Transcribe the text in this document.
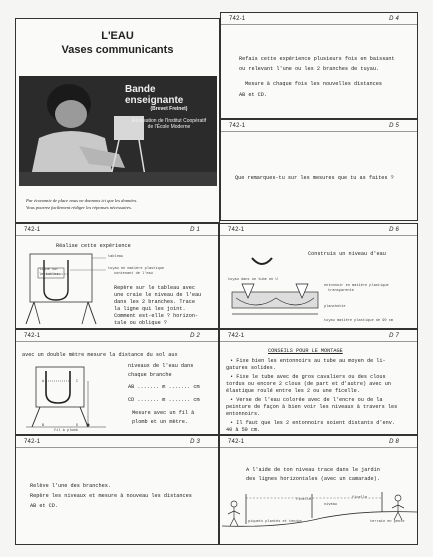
L'EAU
Vases communicants
Bande enseignante
(Brevet Freinet)
Réalisation de l'Institut Coopératif
de l'École Moderne
Par économie de place nous ne donnons ici que les données.
Vous pourrez facilement rédiger les réponses nécessaires.
742-1	D 4
Refais cette expérience plusieurs fois en baissant
ou relevant l'une ou les 2 branches de tuyau.
Mesure à chaque fois les nouvelles distances
AB et CD.
742-1	D 5
Que remarques-tu sur les mesures que tu as faites ?
742-1	D 1
Réalise cette expérience
ligne sur
le tableau
tableau
tuyau en matière plastique
contenant de l'eau
Repère sur le tableau avec
une craie le niveau de l'eau
dans les 2 branches. Trace
la ligne qui les joint.
Comment est-elle ? horizon-
tale ou oblique ?
742-1	D 6
Construis un niveau d'eau
tuyau dans un tube en U
entonnoir en matière plastique
transparente
planchette
tuyau matière plastique de 90 cm
742-1	D 2
avec un double mètre mesure la distance du sol aux
A
B
C
D
fil à plomb
niveaux de l'eau dans
chaque branche
AB ....... m ....... cm
CD ....... m ....... cm
Mesure avec un fil à
plomb et un mètre.
742-1	D 7
CONSEILS POUR LE MONTAGE
• Fixe bien les entonnoirs au tube au moyen de li-
gatures solides.
• Fixe le tube avec de gros cavaliers ou des clous
tordus ou encore 2 clous (de part et d'autre) avec un
élastique roulé entre les 2 ou une ficelle.
• Verse de l'eau colorée avec de l'encre ou de la
peinture de façon à bien voir les niveaux à travers les
entonnoirs.
• Il faut que les 2 entonnoirs soient distants d'env.
40 à 50 cm.
742-1	D 3
Relève l'une des branches.
Repère les niveaux et mesure à nouveau les distances
AB et CD.
742-1	D 8
A l'aide de ton niveau trace dans le jardin
des lignes horizontales (avec un camarade).
ficelle	ficelle
niveau
piquets plantés et tendus	terrain en pente
